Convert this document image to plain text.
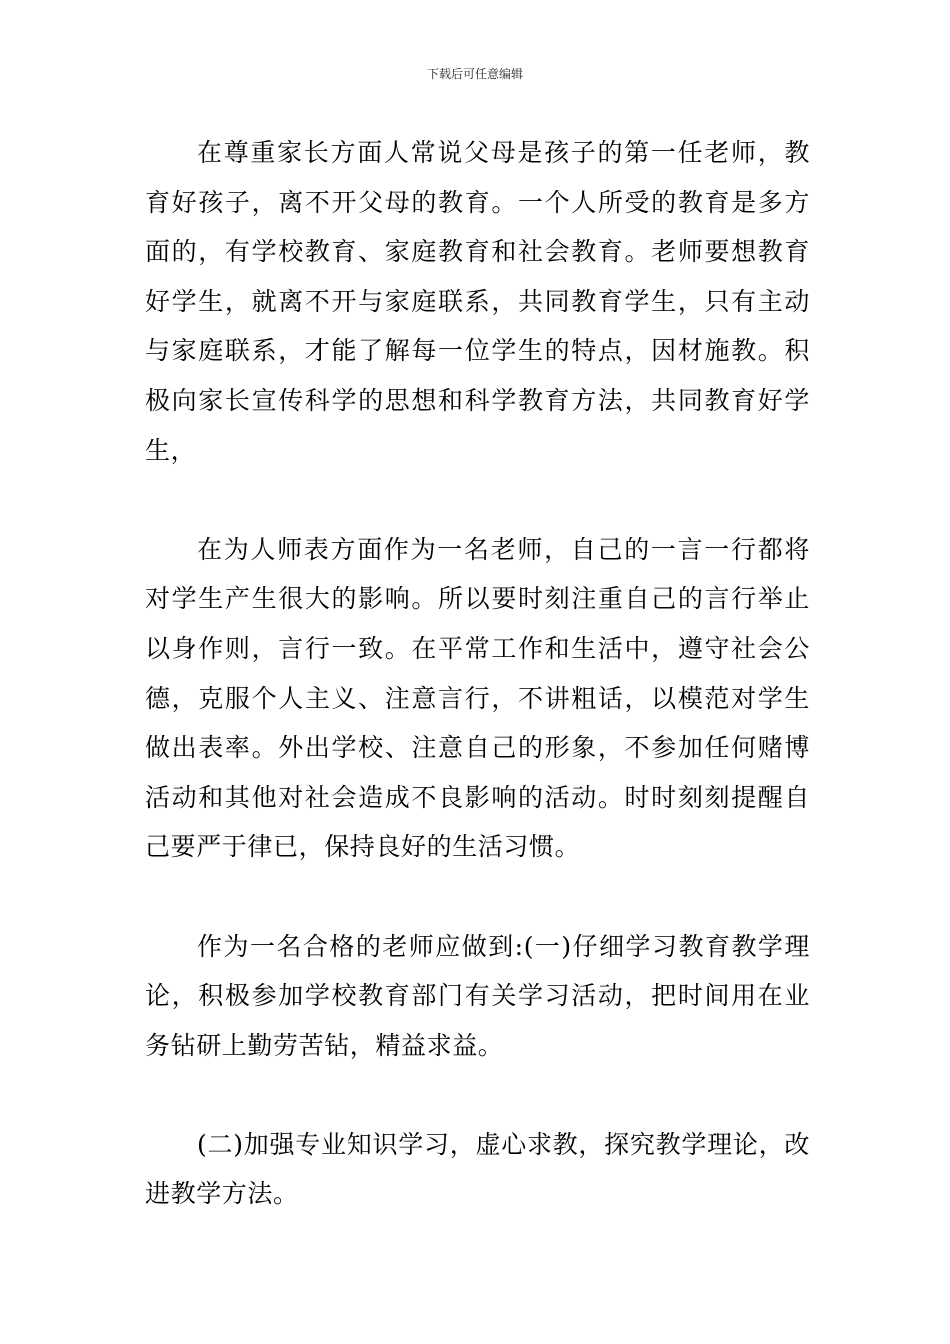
下载后可任意编辑

在尊重家长方面人常说父母是孩子的第一任老师，教育好孩子，离不开父母的教育。一个人所受的教育是多方面的，有学校教育、家庭教育和社会教育。老师要想教育好学生，就离不开与家庭联系，共同教育学生，只有主动与家庭联系，才能了解每一位学生的特点，因材施教。积极向家长宣传科学的思想和科学教育方法，共同教育好学生，

在为人师表方面作为一名老师，自己的一言一行都将对学生产生很大的影响。所以要时刻注重自己的言行举止以身作则，言行一致。在平常工作和生活中，遵守社会公德，克服个人主义、注意言行，不讲粗话，以模范对学生做出表率。外出学校、注意自己的形象，不参加任何赌博活动和其他对社会造成不良影响的活动。时时刻刻提醒自己要严于律已，保持良好的生活习惯。

作为一名合格的老师应做到:(一)仔细学习教育教学理论，积极参加学校教育部门有关学习活动，把时间用在业务钻研上勤劳苦钻，精益求益。

(二)加强专业知识学习，虚心求教，探究教学理论，改进教学方法。
